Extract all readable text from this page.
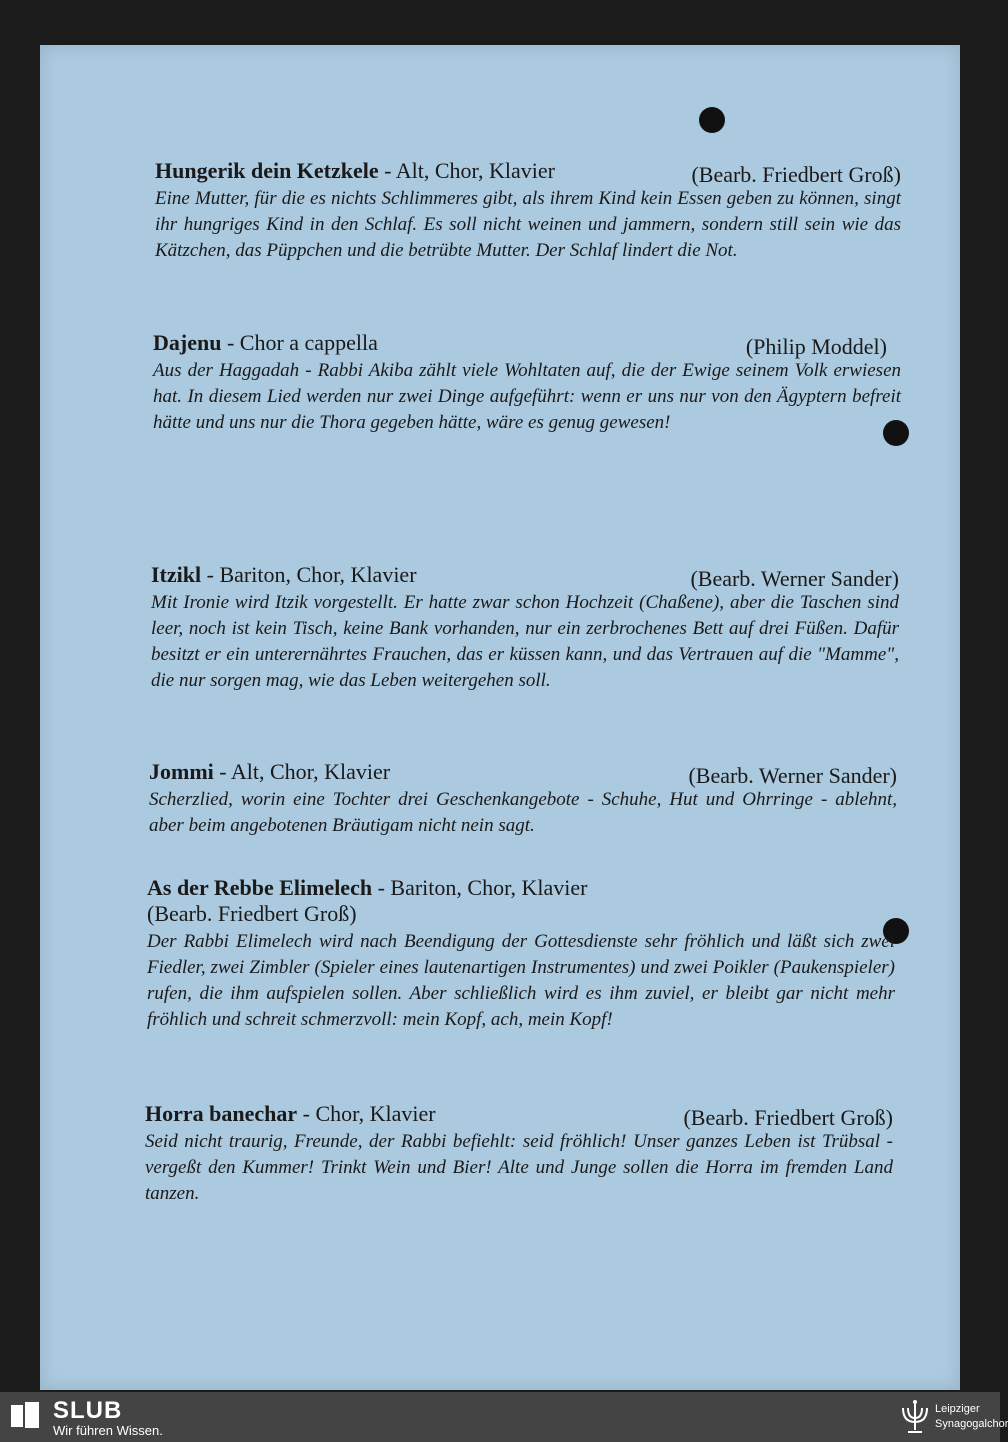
Hungerik dein Ketzkele - Alt, Chor, Klavier	(Bearb. Friedbert Groß)
Eine Mutter, für die es nichts Schlimmeres gibt, als ihrem Kind kein Essen geben zu können, singt ihr hungriges Kind in den Schlaf. Es soll nicht weinen und jammern, sondern still sein wie das Kätzchen, das Püppchen und die betrübte Mutter. Der Schlaf lindert die Not.
Dajenu - Chor a cappella	(Philip Moddel)
Aus der Haggadah - Rabbi Akiba zählt viele Wohltaten auf, die der Ewige seinem Volk erwiesen hat. In diesem Lied werden nur zwei Dinge aufgeführt: wenn er uns nur von den Ägyptern befreit hätte und uns nur die Thora gegeben hätte, wäre es genug gewesen!
Itzikl - Bariton, Chor, Klavier	(Bearb. Werner Sander)
Mit Ironie wird Itzik vorgestellt. Er hatte zwar schon Hochzeit (Chaßene), aber die Taschen sind leer, noch ist kein Tisch, keine Bank vorhanden, nur ein zerbrochenes Bett auf drei Füßen. Dafür besitzt er ein unterernährtes Frauchen, das er küssen kann, und das Vertrauen auf die "Mamme", die nur sorgen mag, wie das Leben weitergehen soll.
Jommi - Alt, Chor, Klavier	(Bearb. Werner Sander)
Scherzlied, worin eine Tochter drei Geschenkangebote - Schuhe, Hut und Ohrringe - ablehnt, aber beim angebotenen Bräutigam nicht nein sagt.
As der Rebbe Elimelech - Bariton, Chor, Klavier
(Bearb. Friedbert Groß)
Der Rabbi Elimelech wird nach Beendigung der Gottesdienste sehr fröhlich und läßt sich zwei Fiedler, zwei Zimbler (Spieler eines lautenartigen Instrumentes) und zwei Poikler (Paukenspieler) rufen, die ihm aufspielen sollen. Aber schließlich wird es ihm zuviel, er bleibt gar nicht mehr fröhlich und schreit schmerzvoll: mein Kopf, ach, mein Kopf!
Horra banechar - Chor, Klavier	(Bearb. Friedbert Groß)
Seid nicht traurig, Freunde, der Rabbi befiehlt: seid fröhlich! Unser ganzes Leben ist Trübsal - vergeßt den Kummer! Trinkt Wein und Bier! Alte und Junge sollen die Horra im fremden Land tanzen.
SLUB
Wir führen Wissen.
Leipziger
Synagogalchor
